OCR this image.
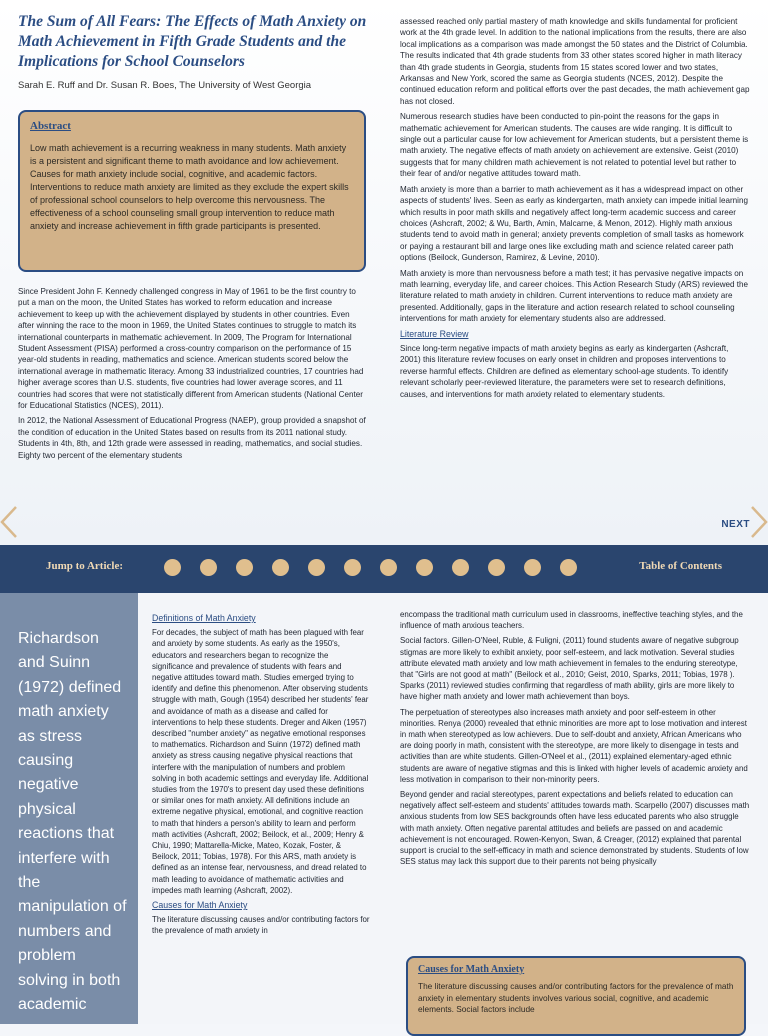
The Sum of All Fears: The Effects of Math Anxiety on Math Achievement in Fifth Grade Students and the Implications for School Counselors
Sarah E. Ruff and Dr. Susan R. Boes, The University of West Georgia
Abstract

Low math achievement is a recurring weakness in many students. Math anxiety is a persistent and significant theme to math avoidance and low achievement. Causes for math anxiety include social, cognitive, and academic factors. Interventions to reduce math anxiety are limited as they exclude the expert skills of professional school counselors to help overcome this nervousness. The effectiveness of a school counseling small group intervention to reduce math anxiety and increase achievement in fifth grade participants is presented.

Since President John F. Kennedy challenged congress in May of 1961 to be the first country to put a man on the moon, the United States has worked to reform education and increase achievement to keep up with the achievement displayed by students in other countries. Even after winning the race to the moon in 1969, the United States continues to struggle to match its international counterparts in mathematic achievement. In 2009, The Program for International Student Assessment (PISA) performed a cross-country comparison on the performance of 15 year-old students in reading, mathematics and science. American students scored below the international average in mathematic literacy. Among 33 industrialized countries, 17 countries had higher average scores than U.S. students, five countries had lower average scores, and 11 countries had scores that were not statistically different from American students (National Center for Educational Statistics (NCES), 2011).

In 2012, the National Assessment of Educational Progress (NAEP), group provided a snapshot of the condition of education in the United States based on results from its 2011 national study. Students in 4th, 8th, and 12th grade were assessed in reading, mathematics, and social studies. Eighty two percent of the elementary students

assessed reached only partial mastery of math knowledge and skills fundamental for proficient work at the 4th grade level. In addition to the national implications from the results, there are also local implications as a comparison was made amongst the 50 states and the District of Columbia. The results indicated that 4th grade students from 33 other states scored higher in math literacy than 4th grade students in Georgia, students from 15 states scored lower and two states, Arkansas and New York, scored the same as Georgia students (NCES, 2012). Despite the continued education reform and political efforts over the past decades, the math achievement gap has not closed.

Numerous research studies have been conducted to pin-point the reasons for the gaps in mathematic achievement for American students. The causes are wide ranging. It is difficult to single out a particular cause for low achievement for American students, but a persistent theme is math anxiety. The negative effects of math anxiety on achievement are extensive. Geist (2010) suggests that for many children math achievement is not related to potential level but rather to their fear of and/or negative attitudes toward math.

Math anxiety is more than a barrier to math achievement as it has a widespread impact on other aspects of students' lives. Seen as early as kindergarten, math anxiety can impede initial learning which results in poor math skills and negatively affect long-term academic success and career choices (Ashcraft, 2002; & Wu, Barth, Amin, Malcarne, & Menon, 2012). Highly math anxious students tend to avoid math in general; anxiety prevents completion of small tasks as homework or paying a restaurant bill and large ones like excluding math and science related career path options (Beilock, Gunderson, Ramirez, & Levine, 2010).

Math anxiety is more than nervousness before a math test; it has pervasive negative impacts on math learning, everyday life, and career choices. This Action Research Study (ARS) reviewed the literature related to math anxiety in children. Current interventions to reduce math anxiety are presented. Additionally, gaps in the literature and action research related to school counseling interventions for math anxiety for elementary students also are addressed.

Literature Review

Since long-term negative impacts of math anxiety begins as early as kindergarten (Ashcraft, 2001) this literature review focuses on early onset in children and proposes interventions to reverse harmful effects. Children are defined as elementary school-age students. To identify relevant scholarly peer-reviewed literature, the parameters were set to research definitions, causes, and interventions for math anxiety related to elementary students.

NEXT
Jump to Article:	Table of Contents

Richardson and Suinn (1972) defined math anxiety as stress causing negative physical reactions that interfere with the manipulation of numbers and problem solving in both academic

Definitions of Math Anxiety

For decades, the subject of math has been plagued with fear and anxiety by some students. As early as the 1950's, educators and researchers began to recognize the significance and prevalence of students with fears and negative attitudes toward math. Studies emerged trying to identify and define this phenomenon. After observing students struggle with math, Gough (1954) described her students' fear and avoidance of math as a disease and called for interventions to help these students. Dreger and Aiken (1957) described "number anxiety" as negative emotional responses to mathematics. Richardson and Suinn (1972) defined math anxiety as stress causing negative physical reactions that interfere with the manipulation of numbers and problem solving in both academic settings and everyday life. Additional studies from the 1970's to present day used these definitions or similar ones for math anxiety. All definitions include an extreme negative physical, emotional, and cognitive reaction to math that hinders a person's ability to learn and perform math activities (Ashcraft, 2002; Beilock, et al., 2009; Henry & Chiu, 1990; Mattarella-Micke, Mateo, Kozak, Foster, & Beilock, 2011; Tobias, 1978). For this ARS, math anxiety is defined as an intense fear, nervousness, and dread related to math leading to avoidance of mathematic activities and impedes math learning (Ashcraft, 2002).

Causes for Math Anxiety

The literature discussing causes and/or contributing factors for the prevalence of math anxiety in

encompass the traditional math curriculum used in classrooms, ineffective teaching styles, and the influence of math anxious teachers.

Social factors. Gillen-O'Neel, Ruble, & Fuligni, (2011) found students aware of negative subgroup stigmas are more likely to exhibit anxiety, poor self-esteem, and lack motivation. Several studies attribute elevated math anxiety and low math achievement in females to the enduring stereotype, that "Girls are not good at math" (Beilock et al., 2010; Geist, 2010, Sparks, 2011; Tobias, 1978 ). Sparks (2011) reviewed studies confirming that regardless of math ability, girls are more likely to have higher math anxiety and lower math achievement than boys.

The perpetuation of stereotypes also increases math anxiety and poor self-esteem in other minorities. Renya (2000) revealed that ethnic minorities are more apt to lose motivation and interest in math when stereotyped as low achievers. Due to self-doubt and anxiety, African Americans who are doing poorly in math, consistent with the stereotype, are more likely to disengage in tests and activities than are white students. Gillen-O'Neel et al., (2011) explained elementary-aged ethnic students are aware of negative stigmas and this is linked with higher levels of academic anxiety and less motivation in comparison to their non-minority peers.

Beyond gender and racial stereotypes, parent expectations and beliefs related to education can negatively affect self-esteem and students' attitudes towards math. Scarpello (2007) discusses math anxious students from low SES backgrounds often have less educated parents who also struggle with math anxiety. Often negative parental attitudes and beliefs are passed on and academic achievement is not encouraged. Rowen-Kenyon, Swan, & Creager, (2012) explained that parental support is crucial to the self-efficacy in math and science demonstrated by students. Students of low SES status may lack this support due to their parents not being physically

Causes for Math Anxiety

The literature discussing causes and/or contributing factors for the prevalence of math anxiety in elementary students involves various social, cognitive, and academic elements. Social factors include
